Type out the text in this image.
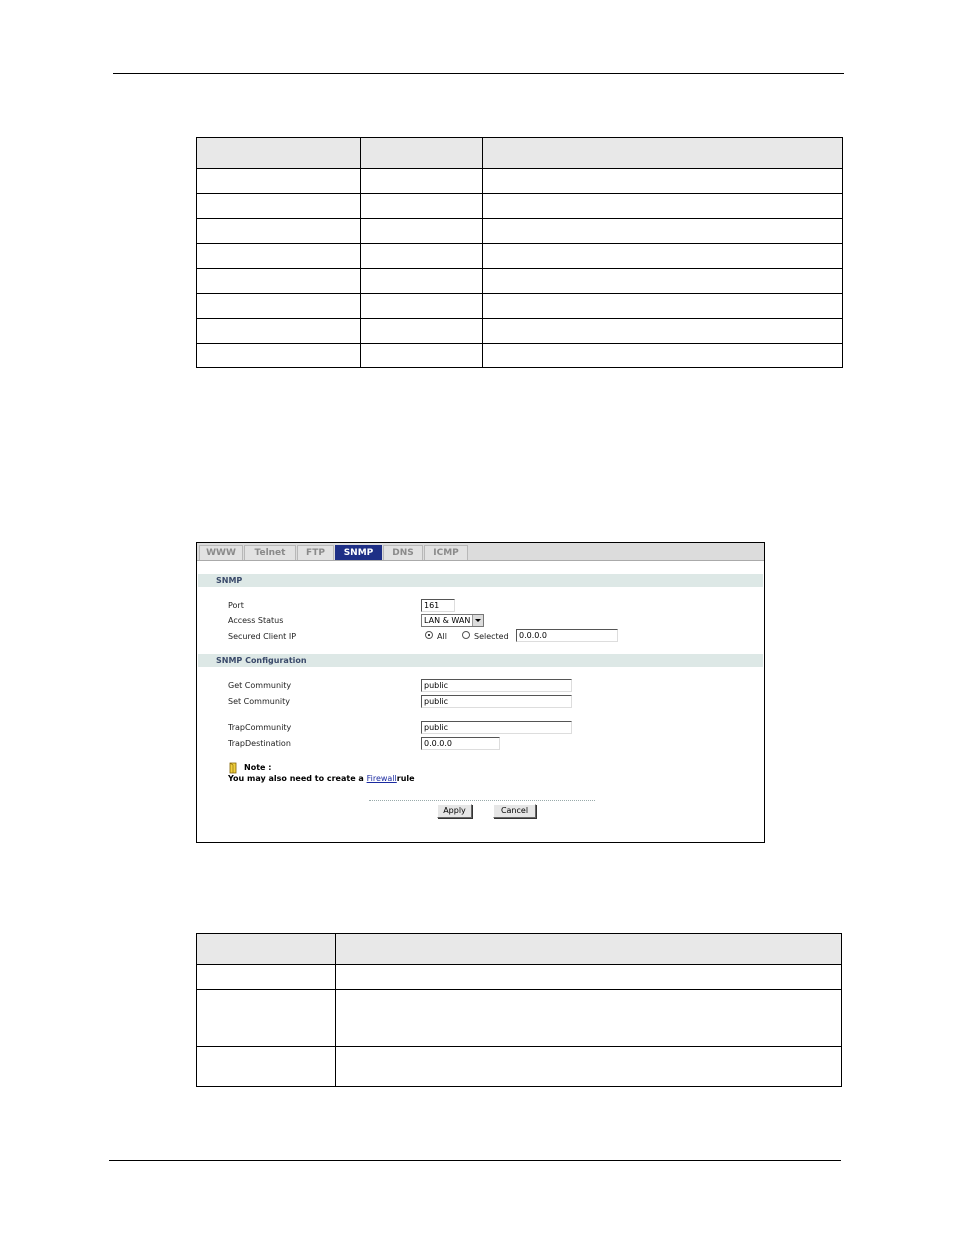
WWW	Telnet	FTP	SNMP	DNS	ICMP
SNMP
Port	161
Access Status	LAN & WAN
Secured Client IP	All	Selected	0.0.0.0
SNMP Configuration
Get Community	public
Set Community	public
TrapCommunity	public
TrapDestination	0.0.0.0
Note :
You may also need to create a Firewallrule
Apply	Cancel
